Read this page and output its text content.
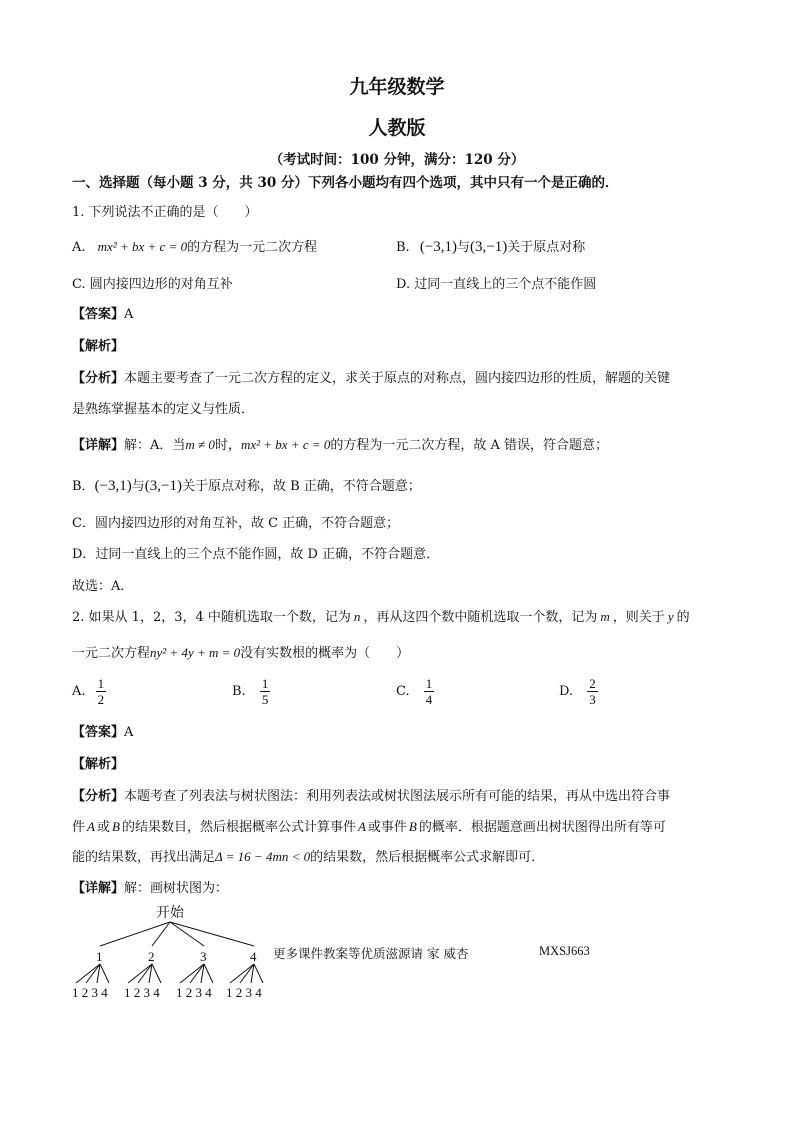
九年级数学
人教版
（考试时间：100 分钟，满分：120 分）
一、选择题（每小题 3 分，共 30 分）下列各小题均有四个选项，其中只有一个是正确的．
1. 下列说法不正确的是（　　）
A. mx² + bx + c = 0的方程为一元二次方程	B. (−3,1)与(3,−1)关于原点对称
C. 圆内接四边形的对角互补	D. 过同一直线上的三个点不能作圆
【答案】A
【解析】
【分析】本题主要考查了一元二次方程的定义，求关于原点的对称点，圆内接四边形的性质，解题的关键
是熟练掌握基本的定义与性质．
【详解】解：A．当m ≠ 0时，mx² + bx + c = 0的方程为一元二次方程，故 A 错误，符合题意；
B．(−3,1)与(3,−1)关于原点对称，故 B 正确，不符合题意；
C．圆内接四边形的对角互补，故 C 正确，不符合题意；
D．过同一直线上的三个点不能作圆，故 D 正确，不符合题意．
故选：A．
2. 如果从 1，2，3，4 中随机选取一个数，记为 n ，再从这四个数中随机选取一个数，记为 m ，则关于 y 的
一元二次方程ny² + 4y + m = 0没有实数根的概率为（　　）
A. $\frac{1}{2}$	B. $\frac{1}{5}$	C. $\frac{1}{4}$	D. $\frac{2}{3}$
【答案】A
【解析】
【分析】本题考查了列表法与树状图法：利用列表法或树状图法展示所有可能的结果，再从中选出符合事
件 A 或 B 的结果数目，然后根据概率公式计算事件 A 或事件 B 的概率．根据题意画出树状图得出所有等可
能的结果数，再找出满足Δ = 16 − 4mn < 0的结果数，然后根据概率公式求解即可．
【详解】解：画树状图为：
开始
1	2	3	4
1 2 3 4 1 2 3 4 1 2 3 4 1 2 3 4
更多课件教案等优质滋源请 家 威杏	MXSJ663
